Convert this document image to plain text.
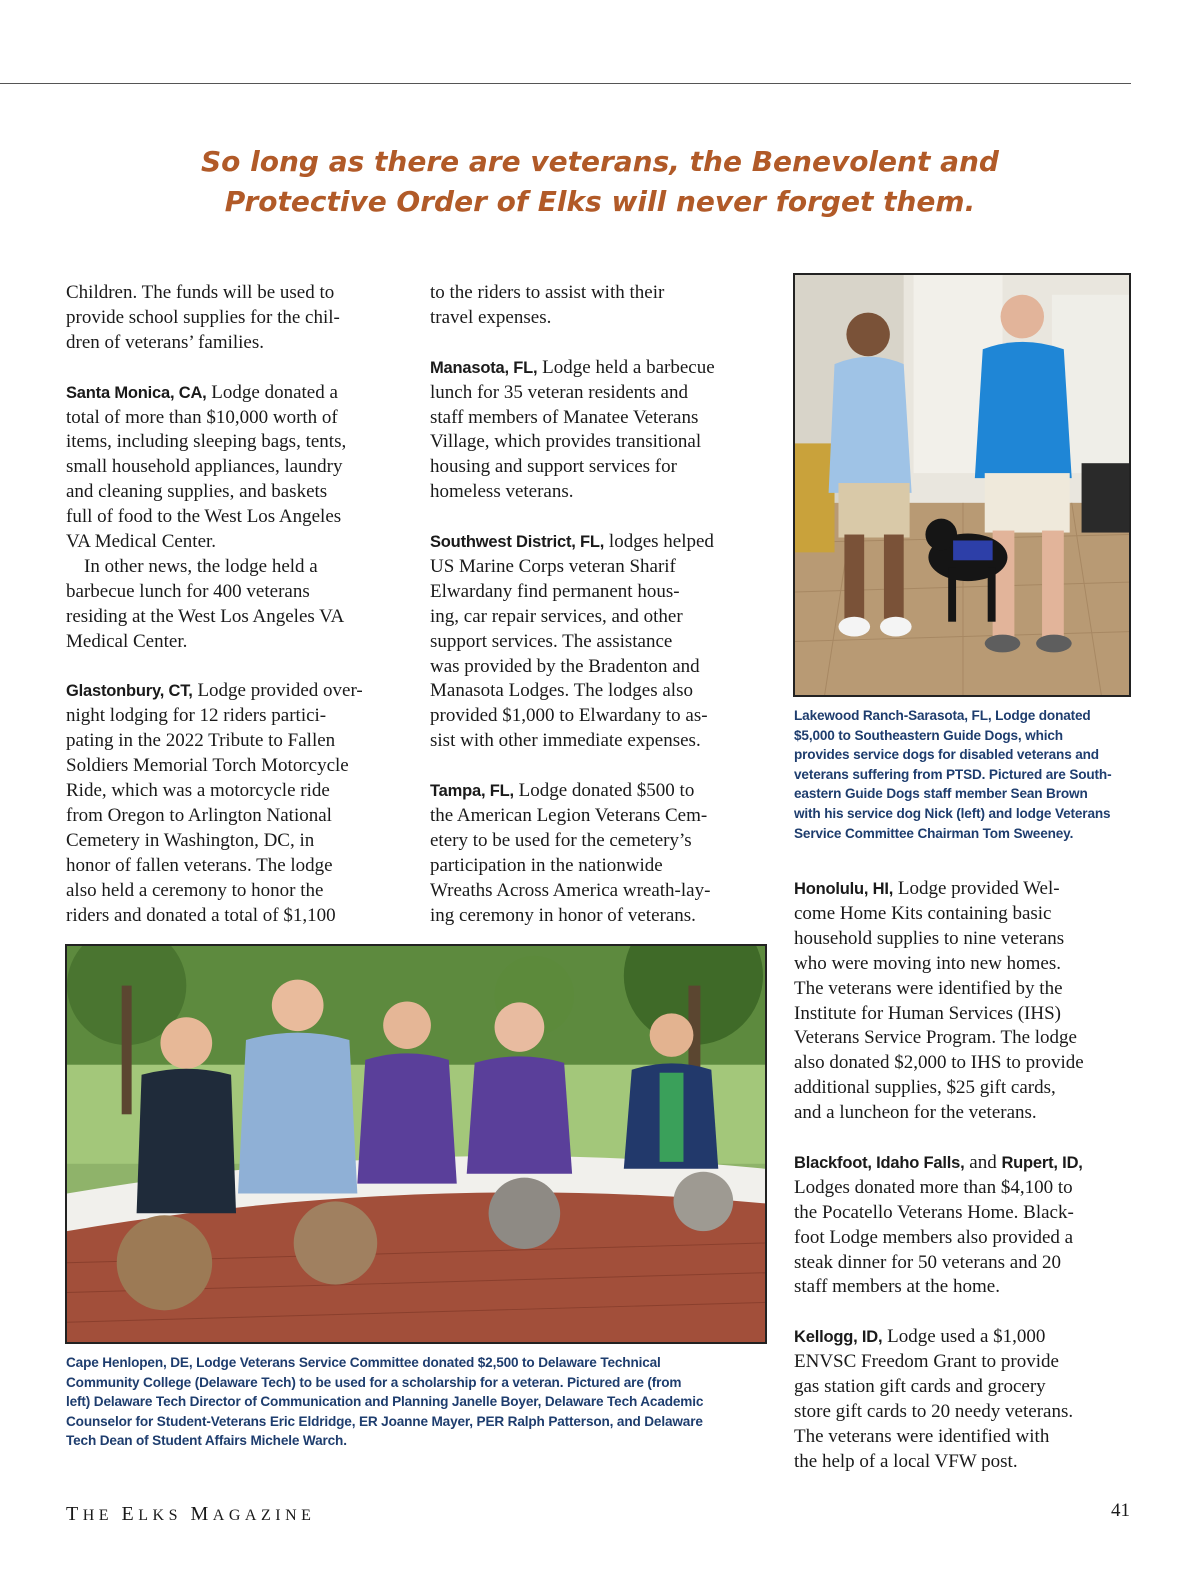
So long as there are veterans, the Benevolent and
Protective Order of Elks will never forget them.

Children. The funds will be used to
provide school supplies for the chil-
dren of veterans’ families.

Santa Monica, CA, Lodge donated a
total of more than $10,000 worth of
items, including sleeping bags, tents,
small household appliances, laundry
and cleaning supplies, and baskets
full of food to the West Los Angeles
VA Medical Center.

In other news, the lodge held a
barbecue lunch for 400 veterans
residing at the West Los Angeles VA
Medical Center.

Glastonbury, CT, Lodge provided over-
night lodging for 12 riders partici-
pating in the 2022 Tribute to Fallen
Soldiers Memorial Torch Motorcycle
Ride, which was a motorcycle ride
from Oregon to Arlington National
Cemetery in Washington, DC, in
honor of fallen veterans. The lodge
also held a ceremony to honor the
riders and donated a total of $1,100

to the riders to assist with their
travel expenses.

Manasota, FL, Lodge held a barbecue
lunch for 35 veteran residents and
staff members of Manatee Veterans
Village, which provides transitional
housing and support services for
homeless veterans.

Southwest District, FL, lodges helped
US Marine Corps veteran Sharif
Elwardany find permanent hous-
ing, car repair services, and other
support services. The assistance
was provided by the Bradenton and
Manasota Lodges. The lodges also
provided $1,000 to Elwardany to as-
sist with other immediate expenses.

Tampa, FL, Lodge donated $500 to
the American Legion Veterans Cem-
etery to be used for the cemetery’s
participation in the nationwide
Wreaths Across America wreath-lay-
ing ceremony in honor of veterans.

Lakewood Ranch-Sarasota, FL, Lodge donated
$5,000 to Southeastern Guide Dogs, which
provides service dogs for disabled veterans and
veterans suffering from PTSD. Pictured are South-
eastern Guide Dogs staff member Sean Brown
with his service dog Nick (left) and lodge Veterans
Service Committee Chairman Tom Sweeney.

Honolulu, HI, Lodge provided Wel-
come Home Kits containing basic
household supplies to nine veterans
who were moving into new homes.
The veterans were identified by the
Institute for Human Services (IHS)
Veterans Service Program. The lodge
also donated $2,000 to IHS to provide
additional supplies, $25 gift cards,
and a luncheon for the veterans.

Blackfoot, Idaho Falls, and Rupert, ID,
Lodges donated more than $4,100 to
the Pocatello Veterans Home. Black-
foot Lodge members also provided a
steak dinner for 50 veterans and 20
staff members at the home.

Kellogg, ID, Lodge used a $1,000
ENVSC Freedom Grant to provide
gas station gift cards and grocery
store gift cards to 20 needy veterans.
The veterans were identified with
the help of a local VFW post.

Cape Henlopen, DE, Lodge Veterans Service Committee donated $2,500 to Delaware Technical
Community College (Delaware Tech) to be used for a scholarship for a veteran. Pictured are (from
left) Delaware Tech Director of Communication and Planning Janelle Boyer, Delaware Tech Academic
Counselor for Student-Veterans Eric Eldridge, ER Joanne Mayer, PER Ralph Patterson, and Delaware
Tech Dean of Student Affairs Michele Warch.
THE ELKS MAGAZINE	41
